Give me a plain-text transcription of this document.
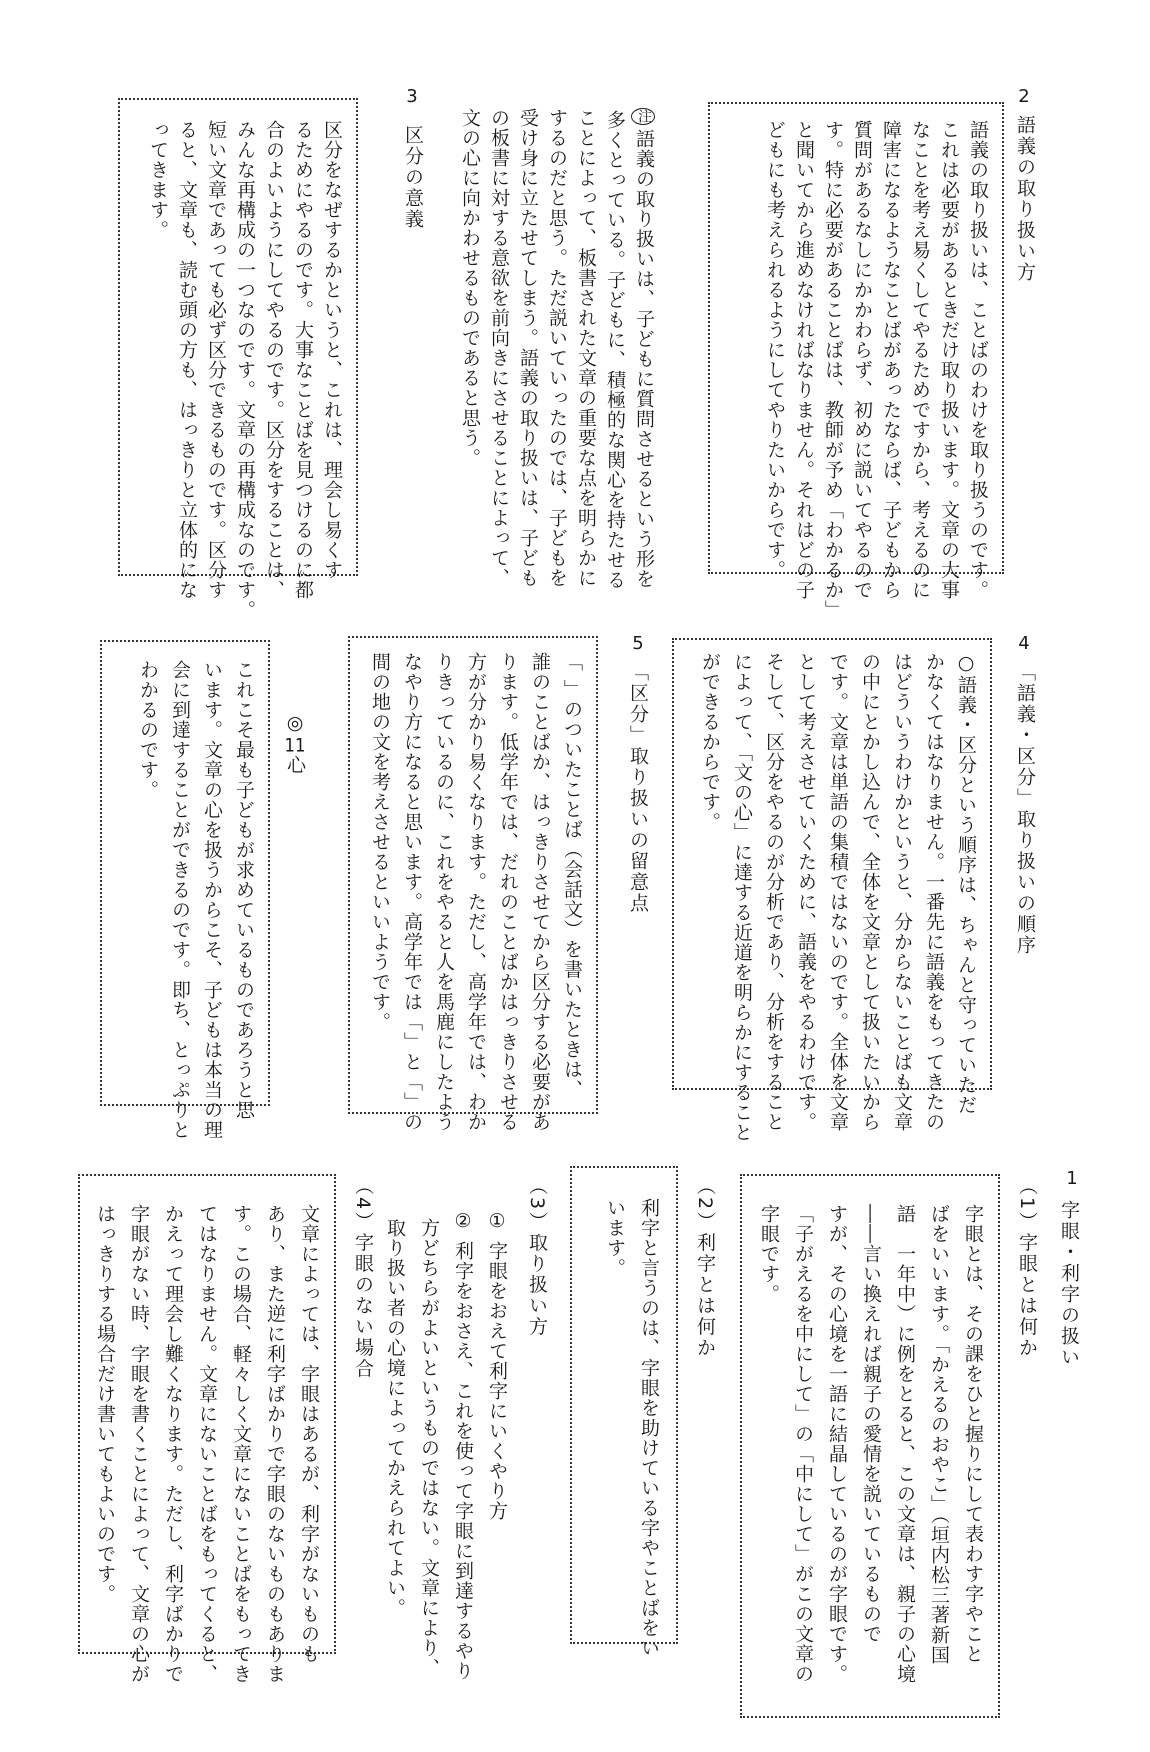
2
語義の取り扱い方
語義の取り扱いは、ことばのわけを取り扱うのです。
これは必要があるときだけ取り扱います。文章の大事
なことを考え易くしてやるためですから、考えるのに
障害になるようなことばがあったならば、子どもから
質問があるなしにかかわらず、初めに説いてやるので
す。特に必要があることばは、教師が予め「わかるか」
と聞いてから進めなければなりません。それはどの子
どもにも考えられるようにしてやりたいからです。
注語義の取り扱いは、子どもに質問させるという形を
多くとっている。子どもに、積極的な関心を持たせる
ことによって、板書された文章の重要な点を明らかに
するのだと思う。ただ説いていったのでは、子どもを
受け身に立たせてしまう。語義の取り扱いは、子ども
の板書に対する意欲を前向きにさせることによって、
文の心に向かわせるものであると思う。
3
区分の意義
区分をなぜするかというと、これは、理会し易くす
るためにやるのです。大事なことばを見つけるのに都
合のよいようにしてやるのです。区分をすることは、
みんな再構成の一つなのです。文章の再構成なのです。
短い文章であっても必ず区分できるものです。区分す
ると、文章も、読む頭の方も、はっきりと立体的にな
ってきます。
4
「語義・区分」取り扱いの順序
○語義・区分という順序は、ちゃんと守っていただ
かなくてはなりません。一番先に語義をもってきたの
はどういうわけかというと、分からないことばも文章
の中にとかし込んで、全体を文章として扱いたいから
です。文章は単語の集積ではないのです。全体を文章
として考えさせていくために、語義をやるわけです。
そして、区分をやるのが分析であり、分析をすること
によって、「文の心」に達する近道を明らかにすること
ができるからです。
5
「区分」取り扱いの留意点
「 」のついたことば（会話文）を書いたときは、
誰のことばか、はっきりさせてから区分する必要があ
ります。低学年では、だれのことばかはっきりさせる
方が分かり易くなります。ただし、高学年では、わか
りきっているのに、これをやると人を馬鹿にしたよう
なやり方になると思います。高学年では「」と「」の
間の地の文を考えさせるといいようです。
◎11心
これこそ最も子どもが求めているものであろうと思
います。文章の心を扱うからこそ、子どもは本当の理
会に到達することができるのです。即ち、とっぷりと
わかるのです。
1
字眼・利字の扱い
（1）字眼とは何か
字眼とは、その課をひと握りにして表わす字やこと
ばをいいます。「かえるのおやこ」（垣内松三著新国
語　一年中）に例をとると、この文章は、親子の心境
――言い換えれば親子の愛情を説いているもので
すが、その心境を一語に結晶しているのが字眼です。
「子がえるを中にして」の「中にして」がこの文章の
字眼です。
（2）利字とは何か
利字と言うのは、字眼を助けている字やことばをい
います。
（3）取り扱い方
①字眼をおえて利字にいくやり方
②利字をおさえ、これを使って字眼に到達するやり
方どちらがよいというものではない。文章により、
取り扱い者の心境によってかえられてよい。
（4）字眼のない場合
文章によっては、字眼はあるが、利字がないものも
あり、また逆に利字ばかりで字眼のないものもありま
す。この場合、軽々しく文章にないことばをもってき
てはなりません。文章にないことばをもってくると、
かえって理会し難くなります。ただし、利字ばかりで
字眼がない時、字眼を書くことによって、文章の心が
はっきりする場合だけ書いてもよいのです。
